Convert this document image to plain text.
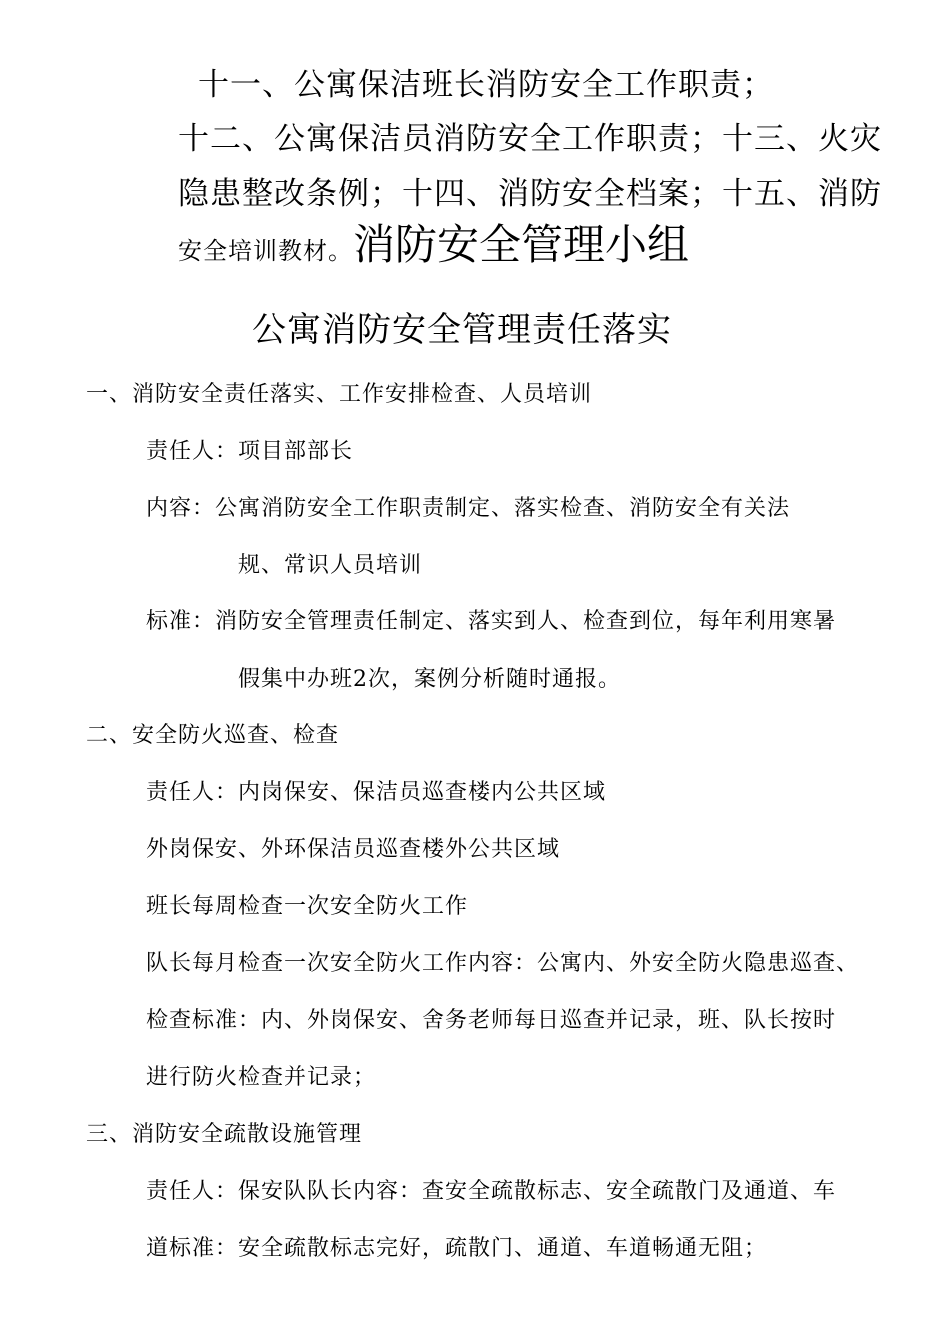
十一、公寓保洁班长消防安全工作职责；
十二、公寓保洁员消防安全工作职责；十三、火灾
隐患整改条例；十四、消防安全档案；十五、消防
安全培训教材。消防安全管理小组
公寓消防安全管理责任落实
一、消防安全责任落实、工作安排检查、人员培训
责任人：项目部部长
内容：公寓消防安全工作职责制定、落实检查、消防安全有关法
规、常识人员培训
标准：消防安全管理责任制定、落实到人、检查到位，每年利用寒暑
假集中办班2次，案例分析随时通报。
二、安全防火巡查、检查
责任人：内岗保安、保洁员巡查楼内公共区域
外岗保安、外环保洁员巡查楼外公共区域
班长每周检查一次安全防火工作
队长每月检查一次安全防火工作内容：公寓内、外安全防火隐患巡查、
检查标准：内、外岗保安、舍务老师每日巡查并记录，班、队长按时
进行防火检查并记录；
三、消防安全疏散设施管理
责任人：保安队队长内容：查安全疏散标志、安全疏散门及通道、车
道标准：安全疏散标志完好，疏散门、通道、车道畅通无阻；
